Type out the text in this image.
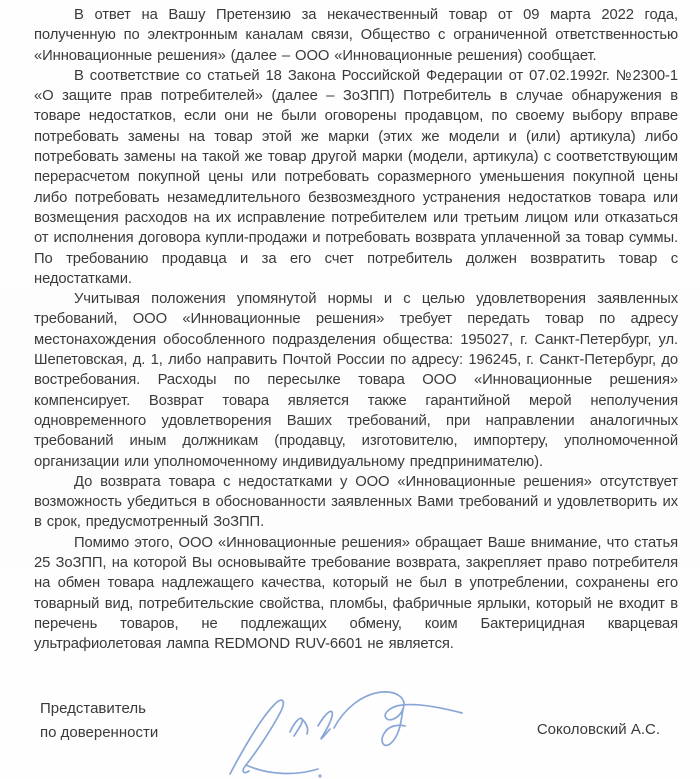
В ответ на Вашу Претензию за некачественный товар от 09 марта 2022 года, полученную по электронным каналам связи, Общество с ограниченной ответственностью «Инновационные решения» (далее – ООО «Инновационные решения) сообщает.

В соответствие со статьей 18 Закона Российской Федерации от 07.02.1992г. №2300-1 «О защите прав потребителей» (далее – ЗоЗПП) Потребитель в случае обнаружения в товаре недостатков, если они не были оговорены продавцом, по своему выбору вправе потребовать замены на товар этой же марки (этих же модели и (или) артикула) либо потребовать замены на такой же товар другой марки (модели, артикула) с соответствующим перерасчетом покупной цены или потребовать соразмерного уменьшения покупной цены либо потребовать незамедлительного безвозмездного устранения недостатков товара или возмещения расходов на их исправление потребителем или третьим лицом или отказаться от исполнения договора купли-продажи и потребовать возврата уплаченной за товар суммы. По требованию продавца и за его счет потребитель должен возвратить товар с недостатками.

Учитывая положения упомянутой нормы и с целью удовлетворения заявленных требований, ООО «Инновационные решения» требует передать товар по адресу местонахождения обособленного подразделения общества: 195027, г. Санкт-Петербург, ул. Шепетовская, д. 1, либо направить Почтой России по адресу: 196245, г. Санкт-Петербург, до востребования. Расходы по пересылке товара ООО «Инновационные решения» компенсирует. Возврат товара является также гарантийной мерой неполучения одновременного удовлетворения Ваших требований, при направлении аналогичных требований иным должникам (продавцу, изготовителю, импортеру, уполномоченной организации или уполномоченному индивидуальному предпринимателю).

До возврата товара с недостатками у ООО «Инновационные решения» отсутствует возможность убедиться в обоснованности заявленных Вами требований и удовлетворить их в срок, предусмотренный ЗоЗПП.

Помимо этого, ООО «Инновационные решения» обращает Ваше внимание, что статья 25 ЗоЗПП, на которой Вы основывайте требование возврата, закрепляет право потребителя на обмен товара надлежащего качества, который не был в употреблении, сохранены его товарный вид, потребительские свойства, пломбы, фабричные ярлыки, который не входит в перечень товаров, не подлежащих обмену, коим Бактерицидная кварцевая ультрафиолетовая лампа REDMOND RUV-6601 не является.

Представитель
по доверенности	Соколовский А.С.
